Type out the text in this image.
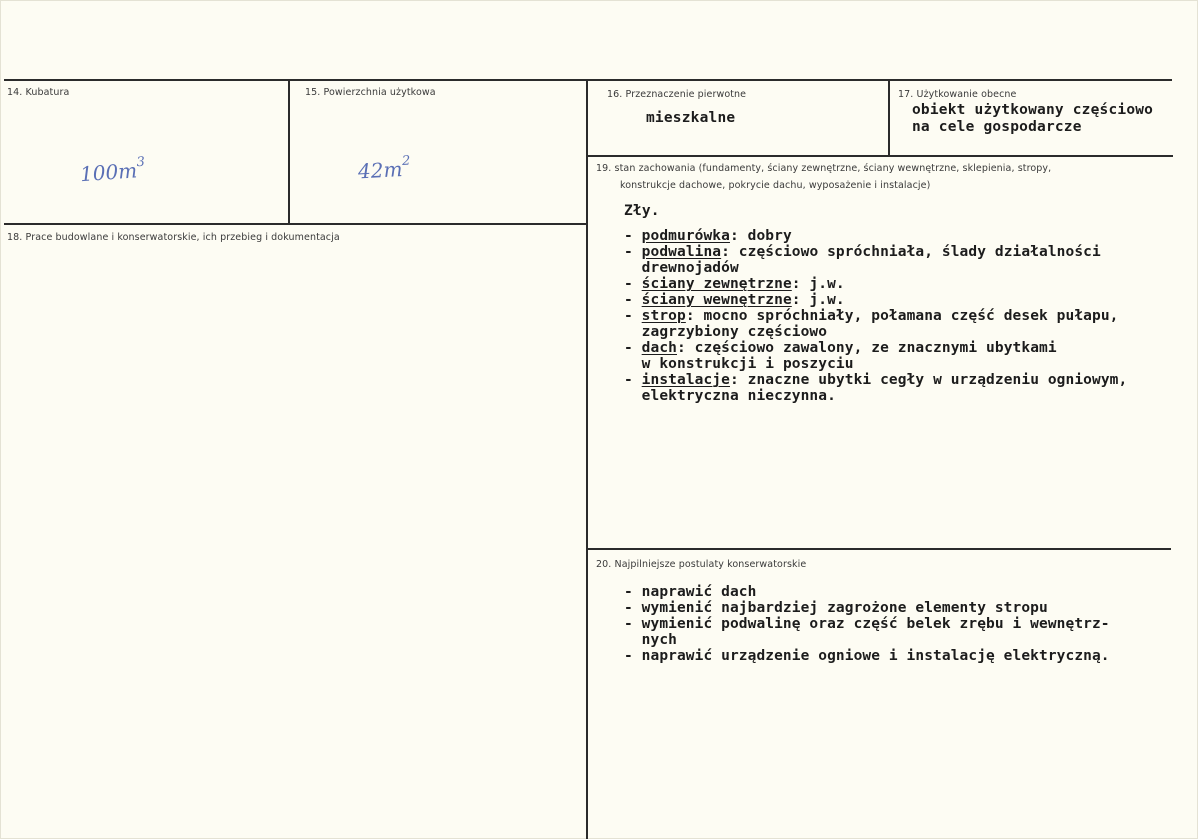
14. Kubatura
$100m^3$
15. Powierzchnia użytkowa
$42m^2$
16. Przeznaczenie pierwotne
mieszkalne
17. Użytkowanie obecne
obiekt użytkowany częściowo
na cele gospodarcze
18. Prace budowlane i konserwatorskie, ich przebieg i dokumentacja
19. stan zachowania (fundamenty, ściany zewnętrzne, ściany wewnętrzne, sklepienia, stropy,
konstrukcje dachowe, pokrycie dachu, wyposażenie i instalacje)
Zły.
- podmurówka: dobry
- podwalina: częściowo spróchniała, ślady działalności
drewnojadów
- ściany zewnętrzne: j.w.
- ściany wewnętrzne: j.w.
- strop: mocno spróchniały, połamana część desek pułapu,
zagrzybiony częściowo
- dach: częściowo zawalony, ze znacznymi ubytkami
w konstrukcji i poszyciu
- instalacje: znaczne ubytki cegły w urządzeniu ogniowym,
elektryczna nieczynna.
20. Najpilniejsze postulaty konserwatorskie
- naprawić dach
- wymienić najbardziej zagrożone elementy stropu
- wymienić podwalinę oraz część belek zrębu i wewnętrz-
nych
- naprawić urządzenie ogniowe i instalację elektryczną.
